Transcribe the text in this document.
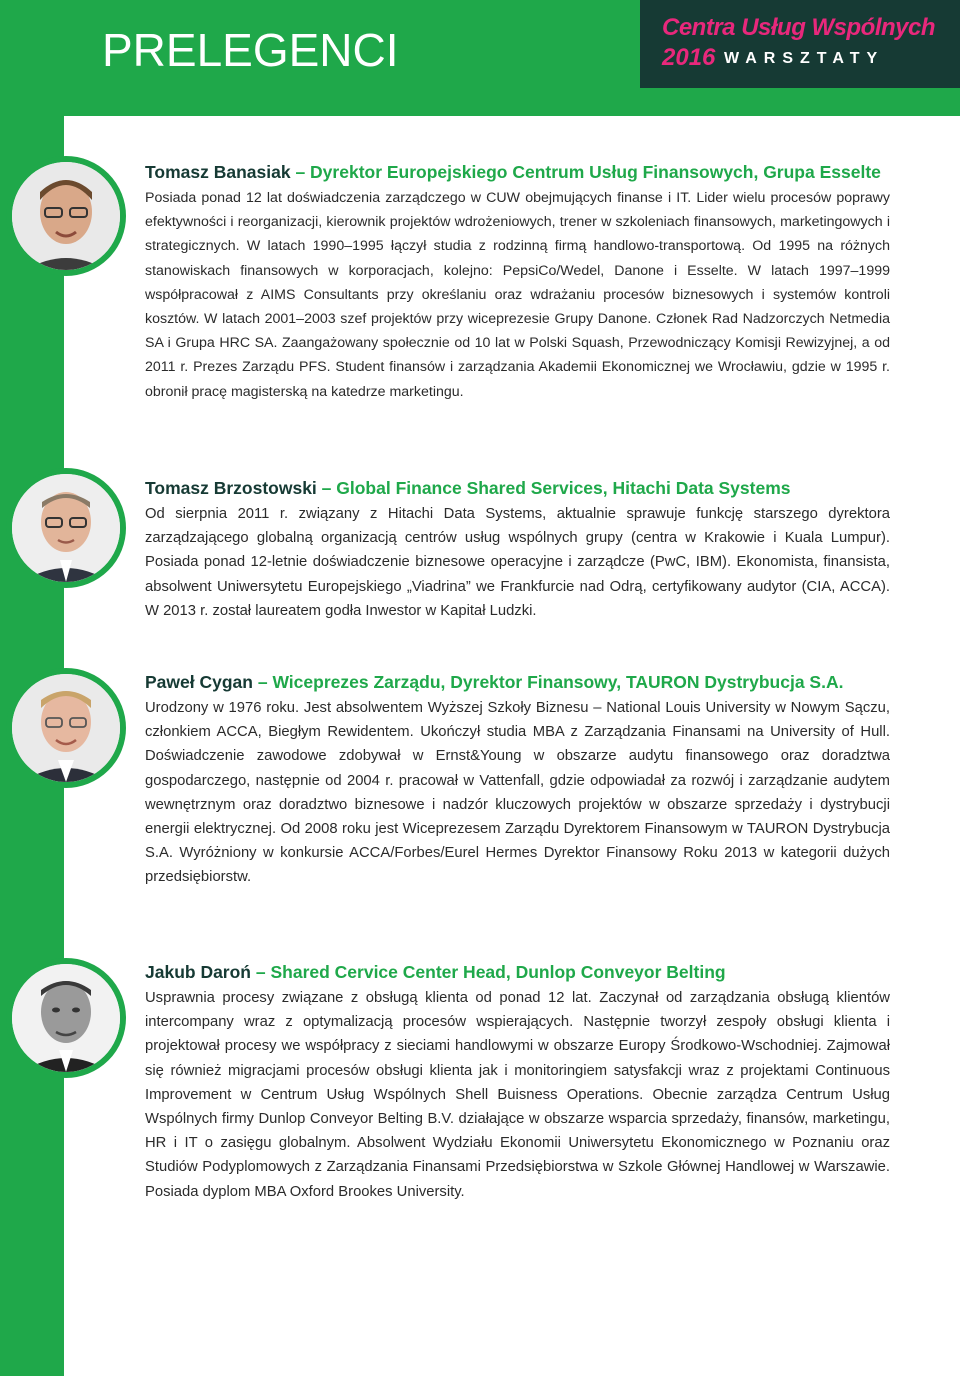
PRELEGENCI	Centra Usług Wspólnych
2016 WARSZTATY

Tomasz Banasiak – Dyrektor Europejskiego Centrum Usług Finansowych, Grupa Esselte

Posiada ponad 12 lat doświadczenia zarządczego w CUW obejmujących finanse i IT. Lider wielu procesów poprawy efektywności i reorganizacji, kierownik projektów wdrożeniowych, trener w szkoleniach finansowych, marketingowych i strategicznych. W latach 1990–1995 łączył studia z rodzinną firmą handlowo-transportową. Od 1995 na różnych stanowiskach finansowych w korporacjach, kolejno: PepsiCo/Wedel, Danone i Esselte. W latach 1997–1999 współpracował z AIMS Consultants przy określaniu oraz wdrażaniu procesów biznesowych i systemów kontroli kosztów. W latach 2001–2003 szef projektów przy wiceprezesie Grupy Danone. Członek Rad Nadzorczych Netmedia SA i Grupa HRC SA. Zaangażowany społecznie od 10 lat w Polski Squash, Przewodniczący Komisji Rewizyjnej, a od 2011 r. Prezes Zarządu PFS. Student finansów i zarządzania Akademii Ekonomicznej we Wrocławiu, gdzie w 1995 r. obronił pracę magisterską na katedrze marketingu.

Tomasz Brzostowski – Global Finance Shared Services, Hitachi Data Systems

Od sierpnia 2011 r. związany z Hitachi Data Systems, aktualnie sprawuje funkcję starszego dyrektora zarządzającego globalną organizacją centrów usług wspólnych grupy (centra w Krakowie i Kuala Lumpur). Posiada ponad 12-letnie doświadczenie biznesowe operacyjne i zarządcze (PwC, IBM). Ekonomista, finansista, absolwent Uniwersytetu Europejskiego „Viadrina” we Frankfurcie nad Odrą, certyfikowany audytor (CIA, ACCA). W 2013 r. został laureatem godła Inwestor w Kapitał Ludzki.

Paweł Cygan – Wiceprezes Zarządu, Dyrektor Finansowy, TAURON Dystrybucja S.A.

Urodzony w 1976 roku. Jest absolwentem Wyższej Szkoły Biznesu – National Louis University w Nowym Sączu, członkiem ACCA, Biegłym Rewidentem. Ukończył studia MBA z Zarządzania Finansami na University of Hull. Doświadczenie zawodowe zdobywał w Ernst&Young w obszarze audytu finansowego oraz doradztwa gospodarczego, następnie od 2004 r. pracował w Vattenfall, gdzie odpowiadał za rozwój i zarządzanie audytem wewnętrznym oraz doradztwo biznesowe i nadzór kluczowych projektów w obszarze sprzedaży i dystrybucji energii elektrycznej. Od 2008 roku jest Wiceprezesem Zarządu Dyrektorem Finansowym w TAURON Dystrybucja S.A. Wyróżniony w konkursie ACCA/Forbes/Eurel Hermes Dyrektor Finansowy Roku 2013 w kategorii dużych przedsiębiorstw.

Jakub Daroń – Shared Cervice Center Head, Dunlop Conveyor Belting

Usprawnia procesy związane z obsługą klienta od ponad 12 lat. Zaczynał od zarządzania obsługą klientów intercompany wraz z optymalizacją procesów wspierających. Następnie tworzył zespoły obsługi klienta i projektował procesy we współpracy z sieciami handlowymi w obszarze Europy Środkowo-Wschodniej. Zajmował się również migracjami procesów obsługi klienta jak i monitoringiem satysfakcji wraz z projektami Continuous Improvement w Centrum Usług Wspólnych Shell Buisness Operations. Obecnie zarządza Centrum Usług Wspólnych firmy Dunlop Conveyor Belting B.V. działające w obszarze wsparcia sprzedaży, finansów, marketingu, HR i IT o zasięgu globalnym. Absolwent Wydziału Ekonomii Uniwersytetu Ekonomicznego w Poznaniu oraz Studiów Podyplomowych z Zarządzania Finansami Przedsiębiorstwa w Szkole Głównej Handlowej w Warszawie. Posiada dyplom MBA Oxford Brookes University.
